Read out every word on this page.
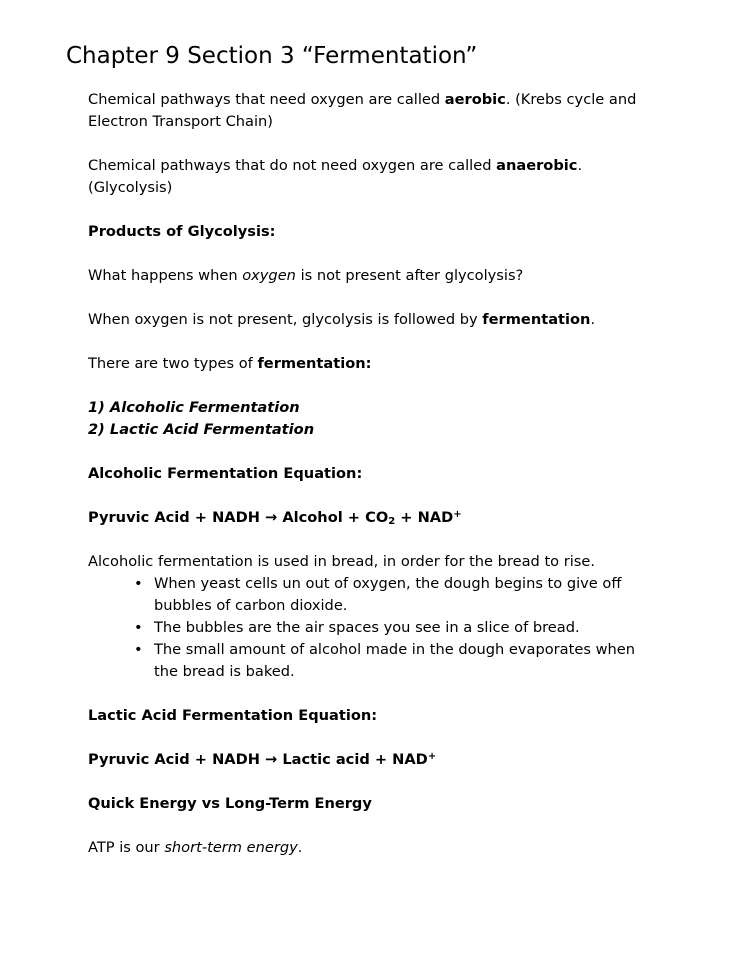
Chapter 9 Section 3 “Fermentation”

Chemical pathways that need oxygen are called aerobic. (Krebs cycle and Electron Transport Chain)

Chemical pathways that do not need oxygen are called anaerobic. (Glycolysis)

Products of Glycolysis:

What happens when oxygen is not present after glycolysis?

When oxygen is not present, glycolysis is followed by fermentation.

There are two types of fermentation:

1) Alcoholic Fermentation

2) Lactic Acid Fermentation

Alcoholic Fermentation Equation:

Pyruvic Acid + NADH → Alcohol + $CO_2 + NAD^+$

Alcoholic fermentation is used in bread, in order for the bread to rise.

• When yeast cells un out of oxygen, the dough begins to give off bubbles of carbon dioxide.
• The bubbles are the air spaces you see in a slice of bread.
• The small amount of alcohol made in the dough evaporates when the bread is baked.

Lactic Acid Fermentation Equation:

Pyruvic Acid + NADH → Lactic acid + NAD+

Quick Energy vs Long-Term Energy

ATP is our short-term energy.
